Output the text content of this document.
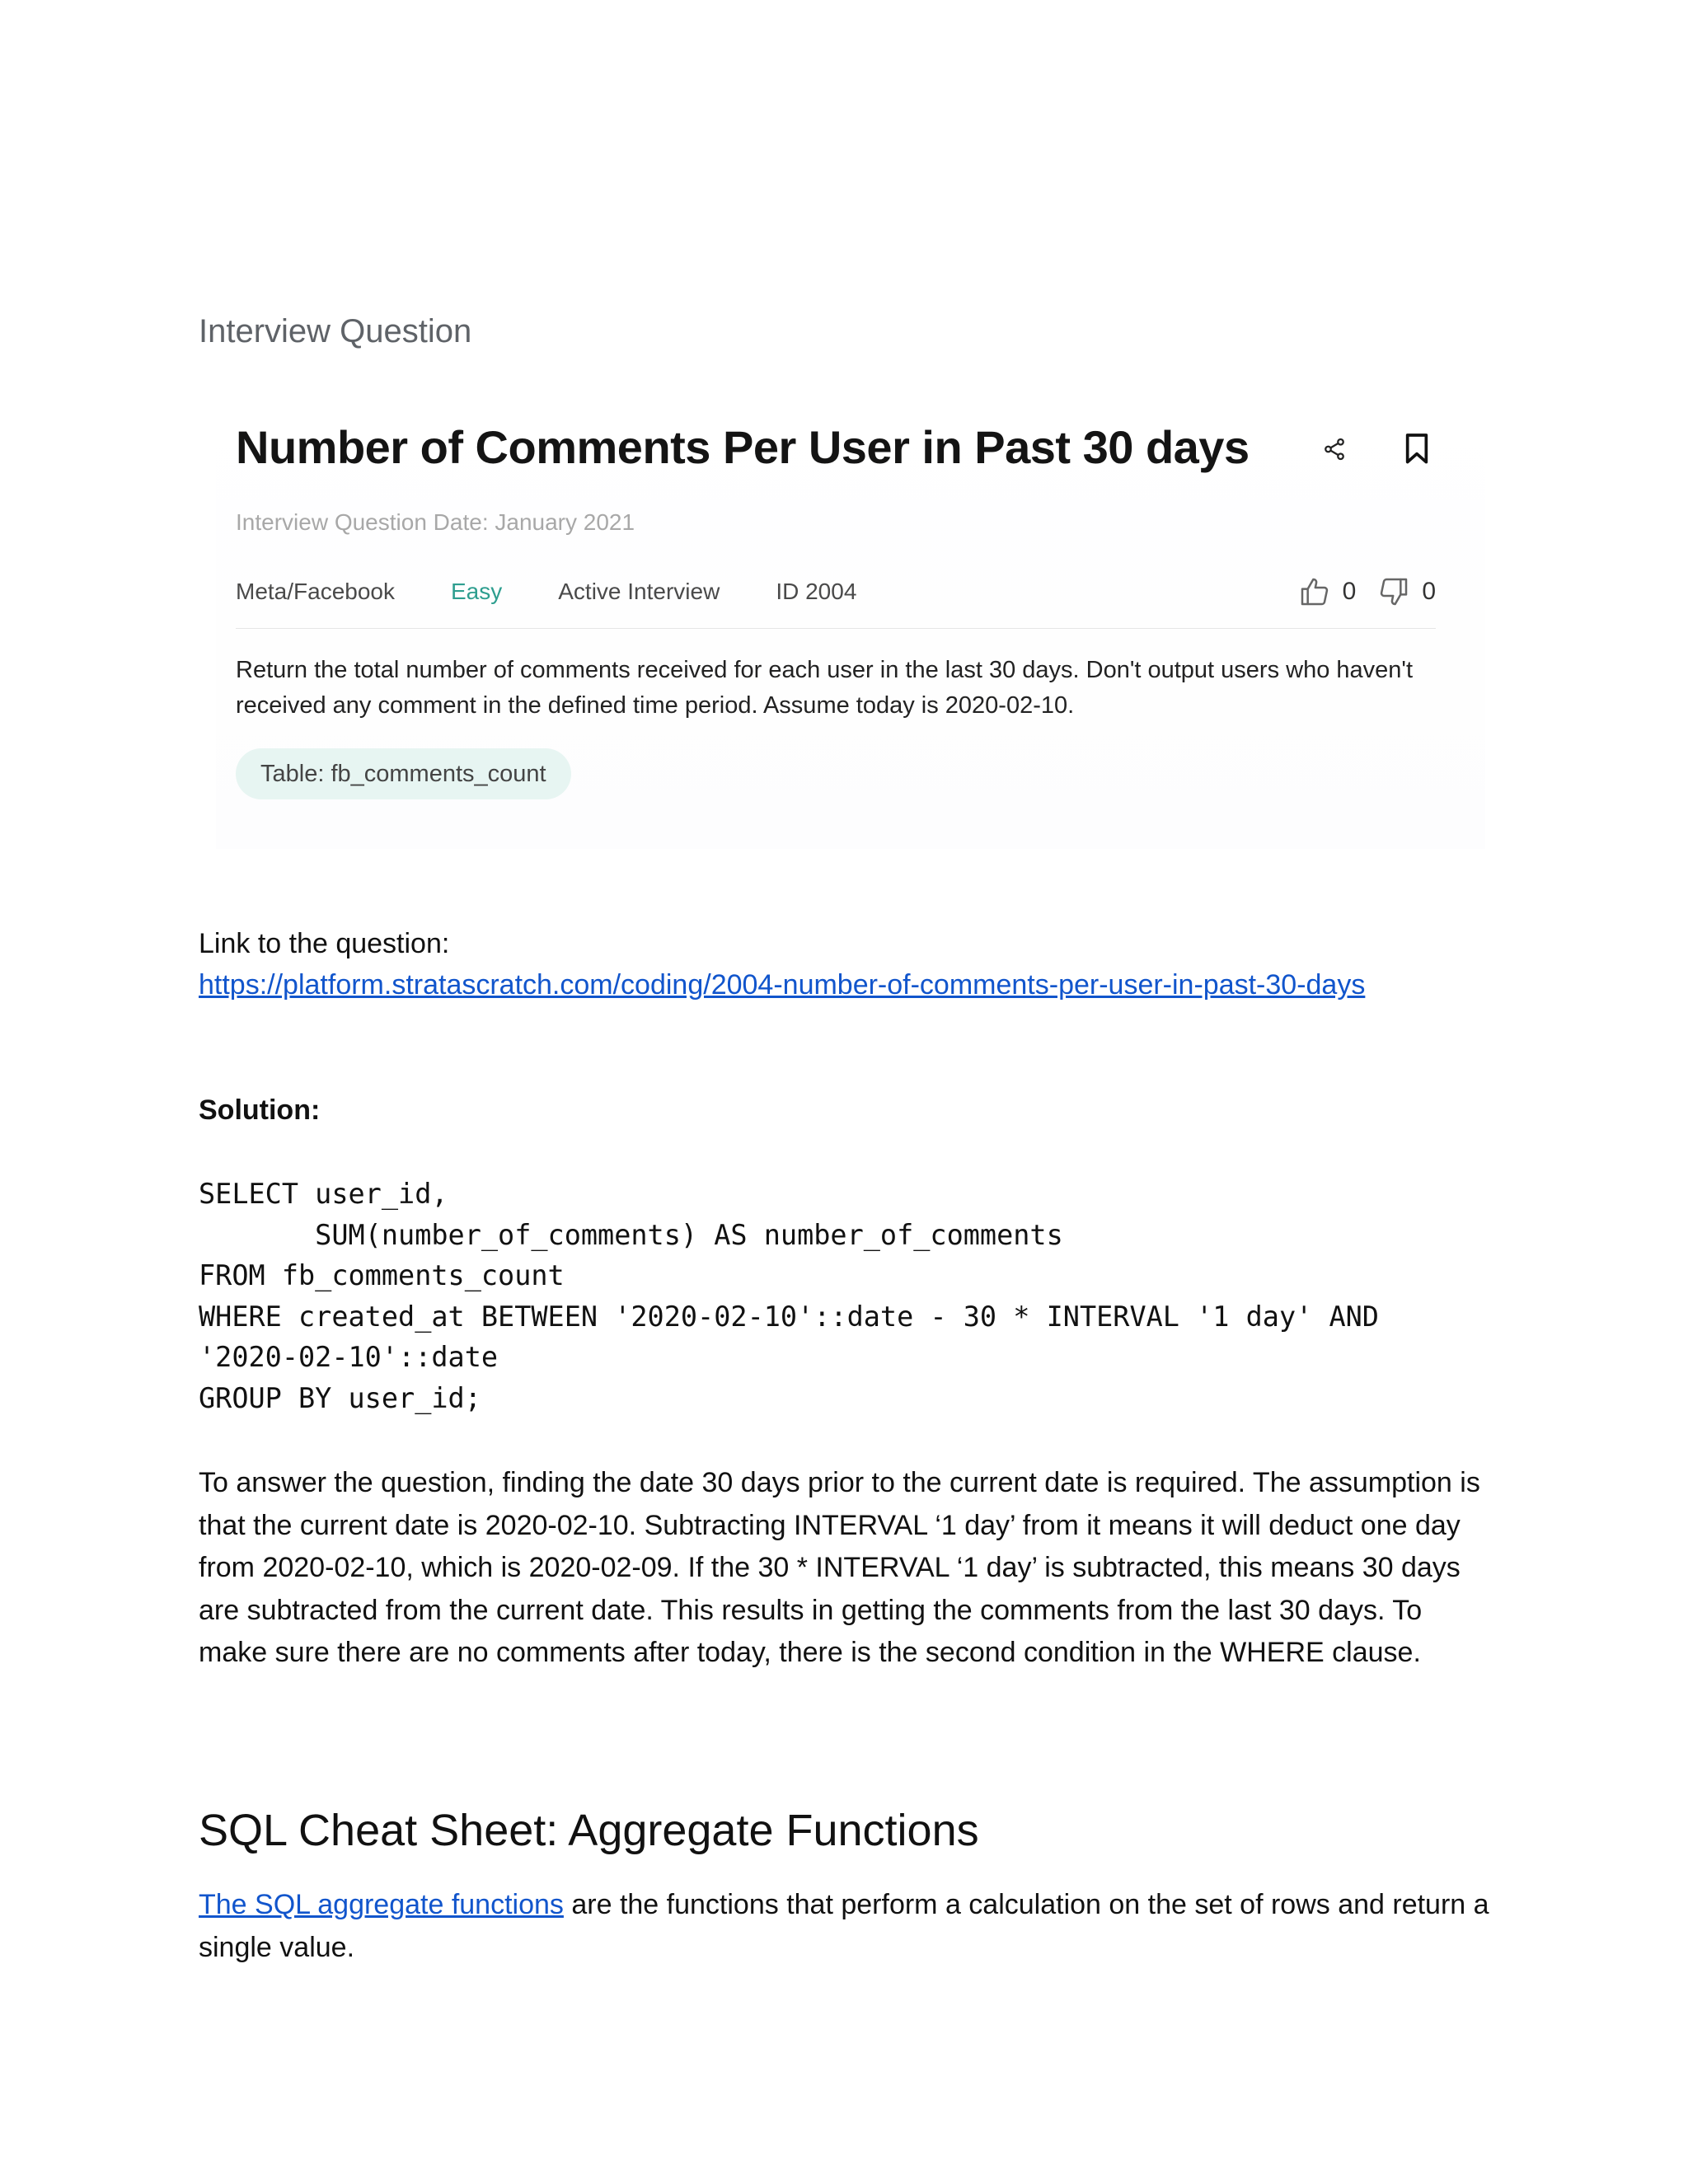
Interview Question
Number of Comments Per User in Past 30 days
Interview Question Date: January 2021
Meta/Facebook Easy Active Interview ID 2004	0	0

Return the total number of comments received for each user in the last 30 days. Don't output users who haven't received any comment in the defined time period. Assume today is 2020-02-10.

Table: fb_comments_count
Link to the question:
https://platform.stratascratch.com/coding/2004-number-of-comments-per-user-in-past-30-days
Solution:
SELECT user_id,
SUM(number_of_comments) AS number_of_comments
FROM fb_comments_count
WHERE created_at BETWEEN '2020-02-10'::date - 30 * INTERVAL '1 day' AND
'2020-02-10'::date
GROUP BY user_id;

To answer the question, finding the date 30 days prior to the current date is required. The assumption is that the current date is 2020-02-10. Subtracting INTERVAL ‘1 day’ from it means it will deduct one day from 2020-02-10, which is 2020-02-09. If the 30 * INTERVAL ‘1 day’ is subtracted, this means 30 days are subtracted from the current date. This results in getting the comments from the last 30 days. To make sure there are no comments after today, there is the second condition in the WHERE clause.

SQL Cheat Sheet: Aggregate Functions

The SQL aggregate functions are the functions that perform a calculation on the set of rows and return a single value.
